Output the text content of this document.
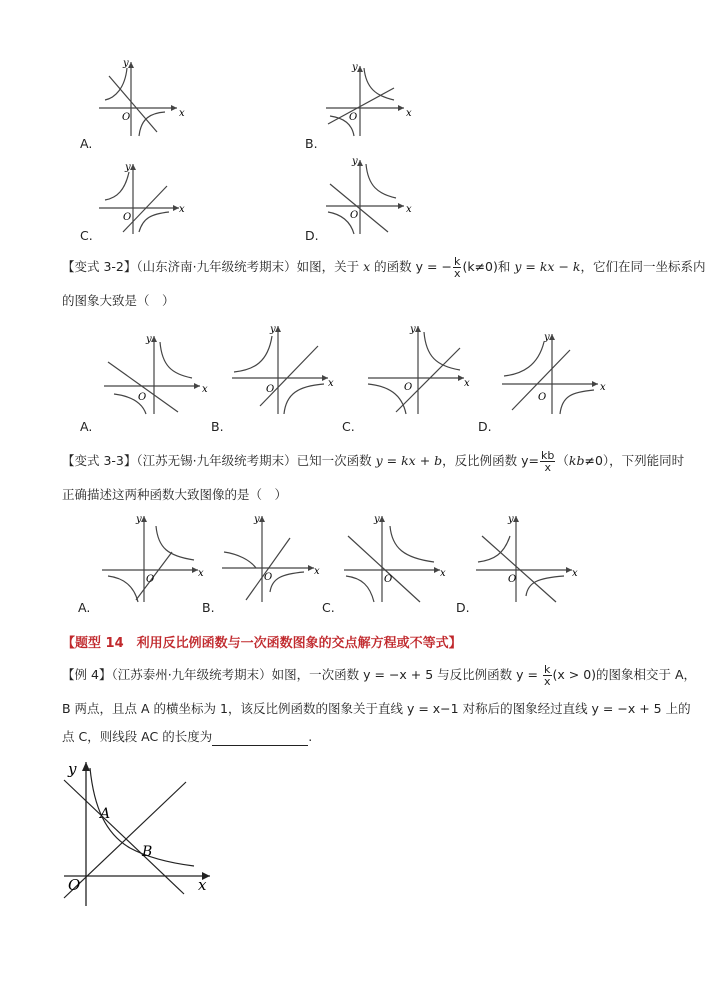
y
O	x
y
O	x
A.	B.
y
O
x
y
O
x
C.	D.
【变式 3-2】（山东济南·九年级统考期末）如图，关于 x 的函数 y = − $\frac{k}{x} (k\ne 0)$和 y = kx − k，它们在同一坐标系内
的图象大致是（　）
y
O
x
y
O
x
y
O	x
y
O
x
A.	B.	C.	D.
【变式 3-3】（江苏无锡·九年级统考期末）已知一次函数 y = kx + b，反比例函数 $y= \frac{kb}{x} (kb\ne 0)$，下列能同时
正确描述这两种函数大致图像的是（　）
y
O
x
y
O
x
y
O
x
y
O
x
A.	B.	C.	D.
【题型 14　利用反比例函数与一次函数图象的交点解方程或不等式】
【例 4】（江苏泰州·九年级统考期末）如图，一次函数 y = −x + 5 与反比例函数 $y = \frac{k}{x} (x > 0)$的图象相交于 A，
B 两点，且点 A 的横坐标为 1，该反比例函数的图象关于直线 y = x−1 对称后的图象经过直线 y = −x + 5 上的
点 C，则线段 AC 的长度为	.
y
x
O
A
B
